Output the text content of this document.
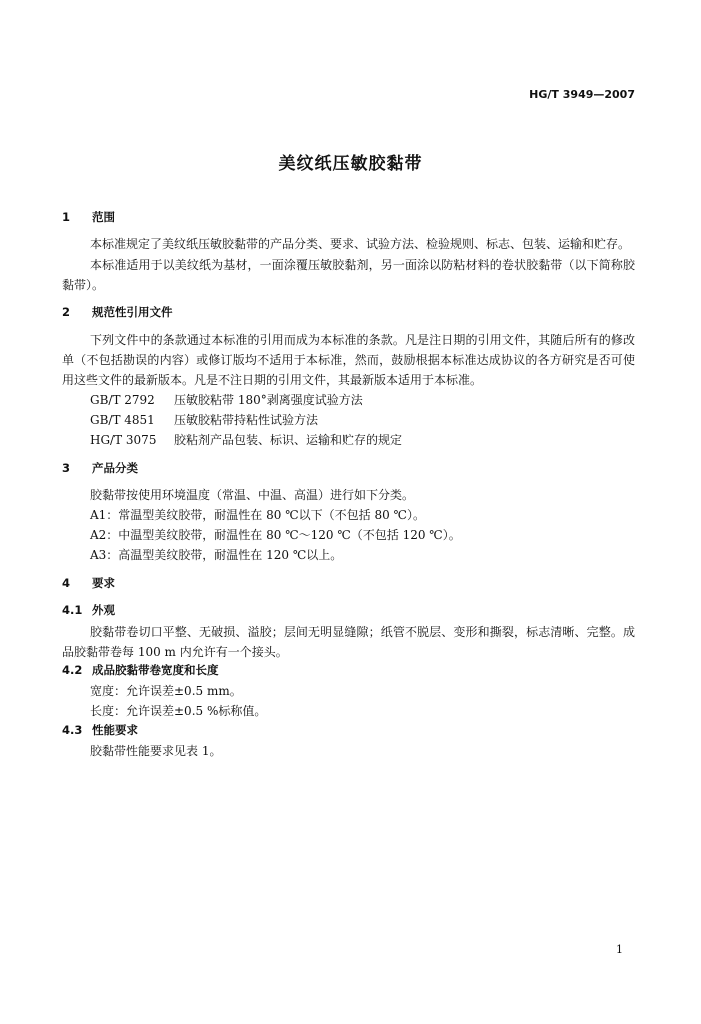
HG/T 3949—2007
美纹纸压敏胶黏带
1 范围
本标准规定了美纹纸压敏胶黏带的产品分类、要求、试验方法、检验规则、标志、包装、运输和贮存。
本标准适用于以美纹纸为基材，一面涂覆压敏胶黏剂，另一面涂以防粘材料的卷状胶黏带（以下简称胶黏带）。
2 规范性引用文件
下列文件中的条款通过本标准的引用而成为本标准的条款。凡是注日期的引用文件，其随后所有的修改单（不包括勘误的内容）或修订版均不适用于本标准，然而，鼓励根据本标准达成协议的各方研究是否可使用这些文件的最新版本。凡是不注日期的引用文件，其最新版本适用于本标准。
GB/T 2792 压敏胶粘带 180°剥离强度试验方法
GB/T 4851 压敏胶粘带持粘性试验方法
HG/T 3075 胶粘剂产品包装、标识、运输和贮存的规定
3 产品分类
胶黏带按使用环境温度（常温、中温、高温）进行如下分类。
A1：常温型美纹胶带，耐温性在 80 ℃以下（不包括 80 ℃）。
A2：中温型美纹胶带，耐温性在 80 ℃～120 ℃（不包括 120 ℃）。
A3：高温型美纹胶带，耐温性在 120 ℃以上。
4 要求
4.1 外观
胶黏带卷切口平整、无破损、溢胶；层间无明显缝隙；纸管不脱层、变形和撕裂，标志清晰、完整。成品胶黏带卷每 100 m 内允许有一个接头。
4.2 成品胶黏带卷宽度和长度
宽度：允许误差±0.5 mm。
长度：允许误差±0.5 %标称值。
4.3 性能要求
胶黏带性能要求见表 1。
1
